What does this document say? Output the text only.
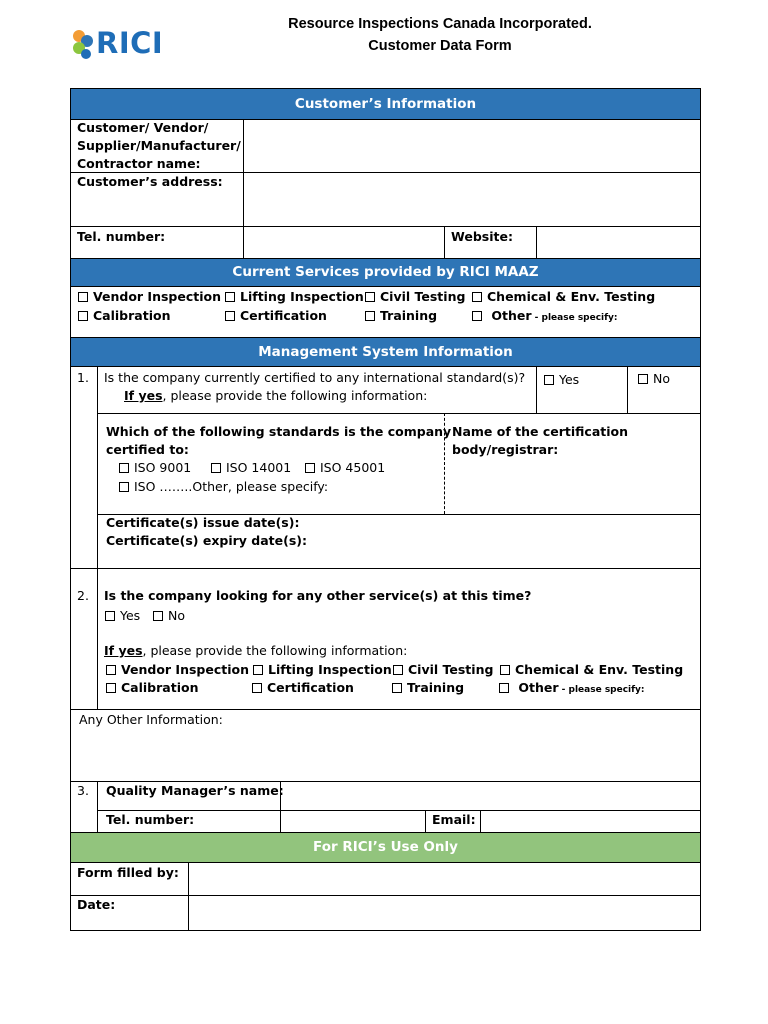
RICI
Resource Inspections Canada Incorporated.
Customer Data Form
Customer’s Information
Customer/ Vendor/
Supplier/Manufacturer/
Contractor name:
Customer’s address:
Tel. number:	Website:
Current Services provided by RICI MAAZ
Vendor Inspection	Lifting Inspection	Civil Testing	Chemical & Env. Testing
Calibration	Certification	Training	Other - please specify:
Management System Information
1. Is the company currently certified to any international standard(s)?
If yes, please provide the following information:
Yes	No
Which of the following standards is the company
certified to:
ISO 9001	ISO 14001	ISO 45001
ISO ……..Other, please specify:
Name of the certification
body/registrar:
Certificate(s) issue date(s):
Certificate(s) expiry date(s):
2. Is the company looking for any other service(s) at this time?
Yes	No
If yes, please provide the following information:
Vendor Inspection	Lifting Inspection	Civil Testing	Chemical & Env. Testing
Calibration	Certification	Training	Other - please specify:
Any Other Information:
3. Quality Manager’s name:
Tel. number:	Email:
For RICI’s Use Only
Form filled by:
Date:
